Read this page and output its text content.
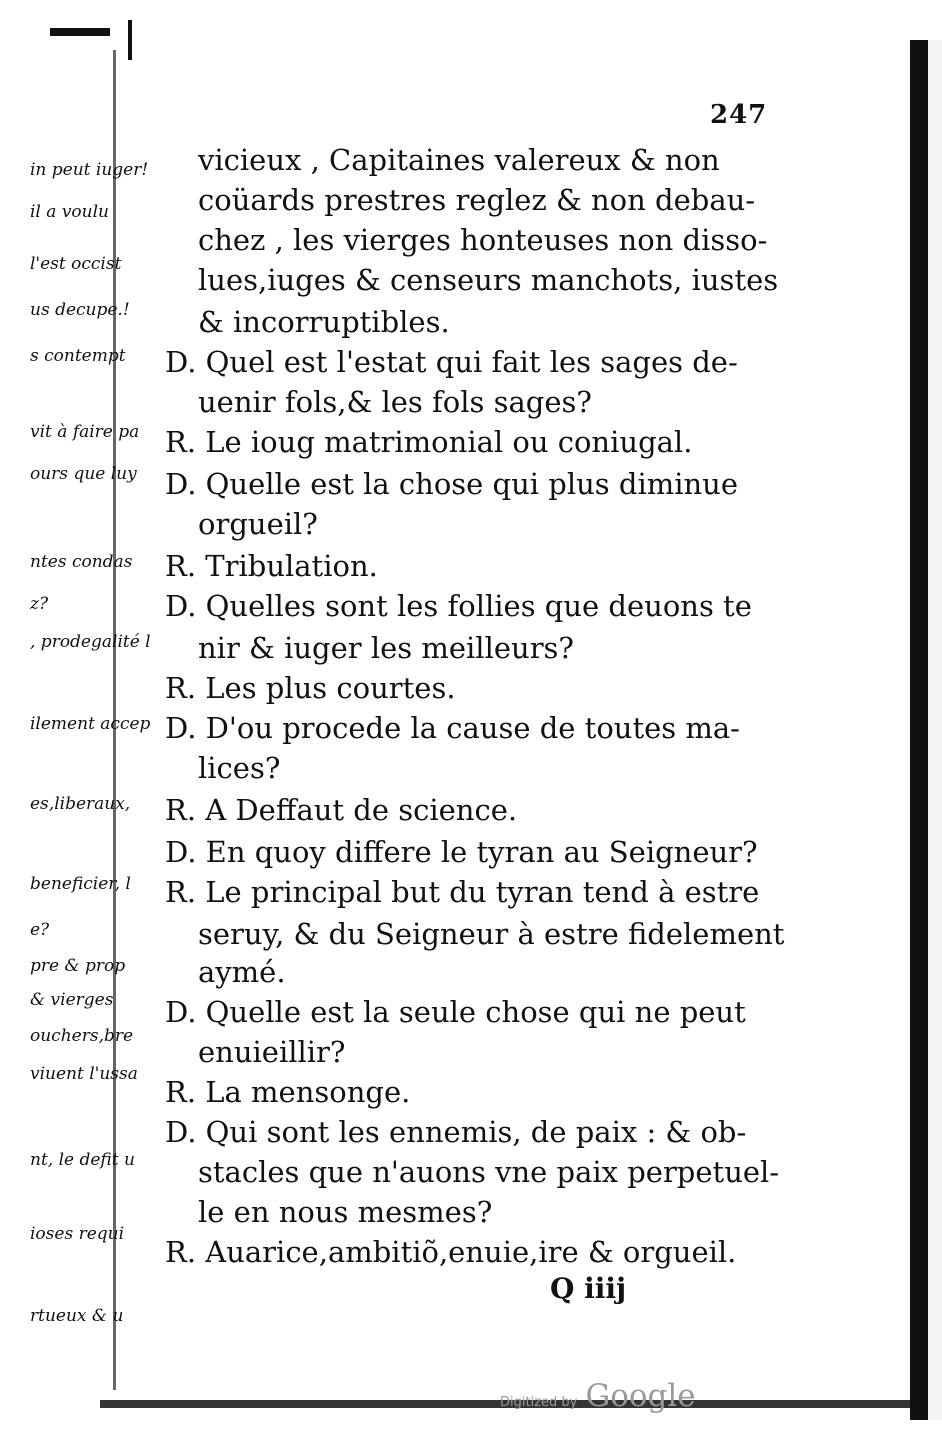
247
in peut iuger!
il a voulu
l'est occist
us decupe.!
s contempt
vit à faire pa
ours que luy
ntes condas
z?
, prodegalité l
ilement accep
es,liberaux,
beneficier, l
e?
pre & prop
& vierges
ouchers,bre
viuent l'ussa
nt, le defit u
ioses requi
rtueux & u
vicieux , Capitaines valereux & non
coüards prestres reglez & non debau-
chez , les vierges honteuses non disso-
lues,iuges & censeurs manchots, iustes
& incorruptibles.
D. Quel est l'estat qui fait les sages de-
uenir fols,& les fols sages?
R. Le ioug matrimonial ou coniugal.
D. Quelle est la chose qui plus diminue
orgueil?
R. Tribulation.
D. Quelles sont les follies que deuons te
nir & iuger les meilleurs?
R. Les plus courtes.
D. D'ou procede la cause de toutes ma-
lices?
R. A Deffaut de science.
D. En quoy differe le tyran au Seigneur?
R. Le principal but du tyran tend à estre
seruy, & du Seigneur à estre fidelement
aymé.
D. Quelle est la seule chose qui ne peut
enuieillir?
R. La mensonge.
D. Qui sont les ennemis, de paix : & ob-
stacles que n'auons vne paix perpetuel-
le en nous mesmes?
R. Auarice,ambitiõ,enuie,ire & orgueil.
Q iiij
Digitized by Google
